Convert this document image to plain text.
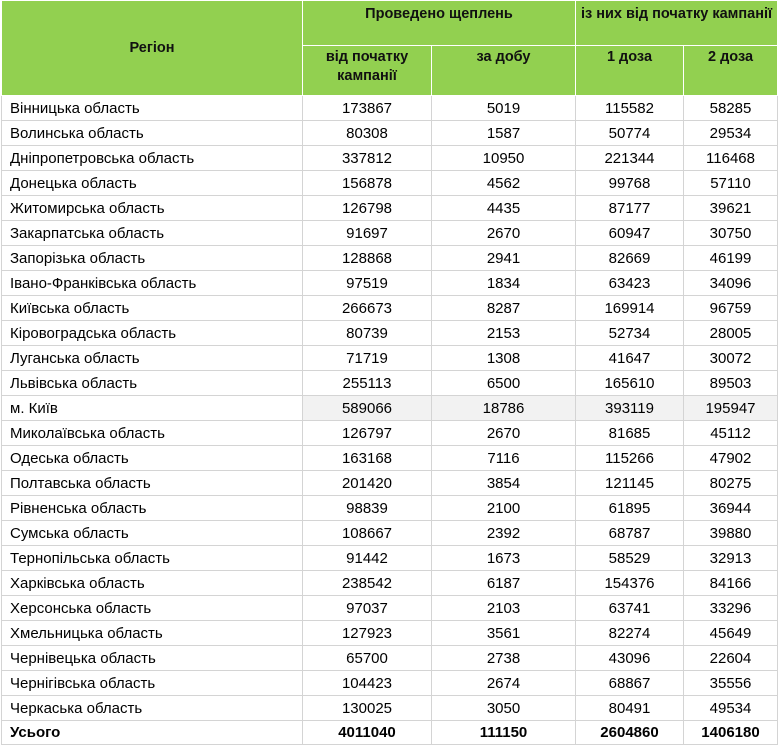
Регіон	Проведено щеплень		із них від початку кампанії	
	від початку кампанії	за добу	1 доза	2 доза
Вінницька область	173867	5019	115582	58285
Волинська область	80308	1587	50774	29534
Дніпропетровська область	337812	10950	221344	116468
Донецька область	156878	4562	99768	57110
Житомирська область	126798	4435	87177	39621
Закарпатська область	91697	2670	60947	30750
Запорізька область	128868	2941	82669	46199
Івано-Франківська область	97519	1834	63423	34096
Київська область	266673	8287	169914	96759
Кіровоградська область	80739	2153	52734	28005
Луганська область	71719	1308	41647	30072
Львівська область	255113	6500	165610	89503
м. Київ	589066	18786	393119	195947
Миколаївська область	126797	2670	81685	45112
Одеська область	163168	7116	115266	47902
Полтавська область	201420	3854	121145	80275
Рівненська область	98839	2100	61895	36944
Сумська область	108667	2392	68787	39880
Тернопільська область	91442	1673	58529	32913
Харківська область	238542	6187	154376	84166
Херсонська область	97037	2103	63741	33296
Хмельницька область	127923	3561	82274	45649
Чернівецька область	65700	2738	43096	22604
Чернігівська область	104423	2674	68867	35556
Черкаська область	130025	3050	80491	49534
Усього	4011040	111150	2604860	1406180
